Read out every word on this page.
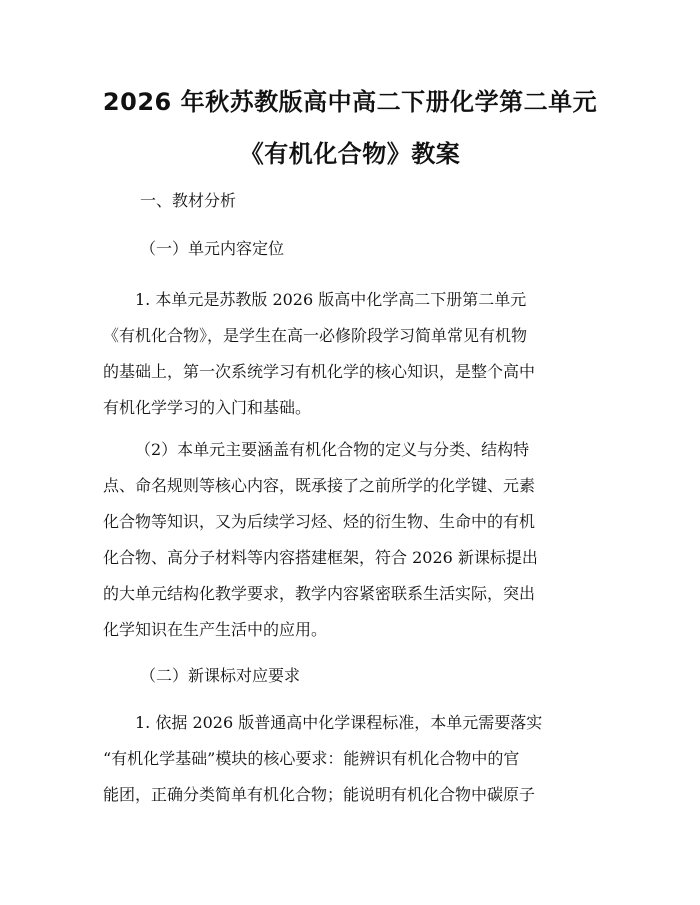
2026 年秋苏教版高中高二下册化学第二单元
《有机化合物》教案

一、教材分析

（一）单元内容定位

1. 本单元是苏教版 2026 版高中化学高二下册第二单元
《有机化合物》，是学生在高一必修阶段学习简单常见有机物
的基础上，第一次系统学习有机化学的核心知识，是整个高中
有机化学学习的入门和基础。

（2）本单元主要涵盖有机化合物的定义与分类、结构特
点、命名规则等核心内容，既承接了之前所学的化学键、元素
化合物等知识，又为后续学习烃、烃的衍生物、生命中的有机
化合物、高分子材料等内容搭建框架，符合 2026 新课标提出
的大单元结构化教学要求，教学内容紧密联系生活实际，突出
化学知识在生产生活中的应用。

（二）新课标对应要求

1. 依据 2026 版普通高中化学课程标准，本单元需要落实
“有机化学基础”模块的核心要求：能辨识有机化合物中的官
能团，正确分类简单有机化合物；能说明有机化合物中碳原子
